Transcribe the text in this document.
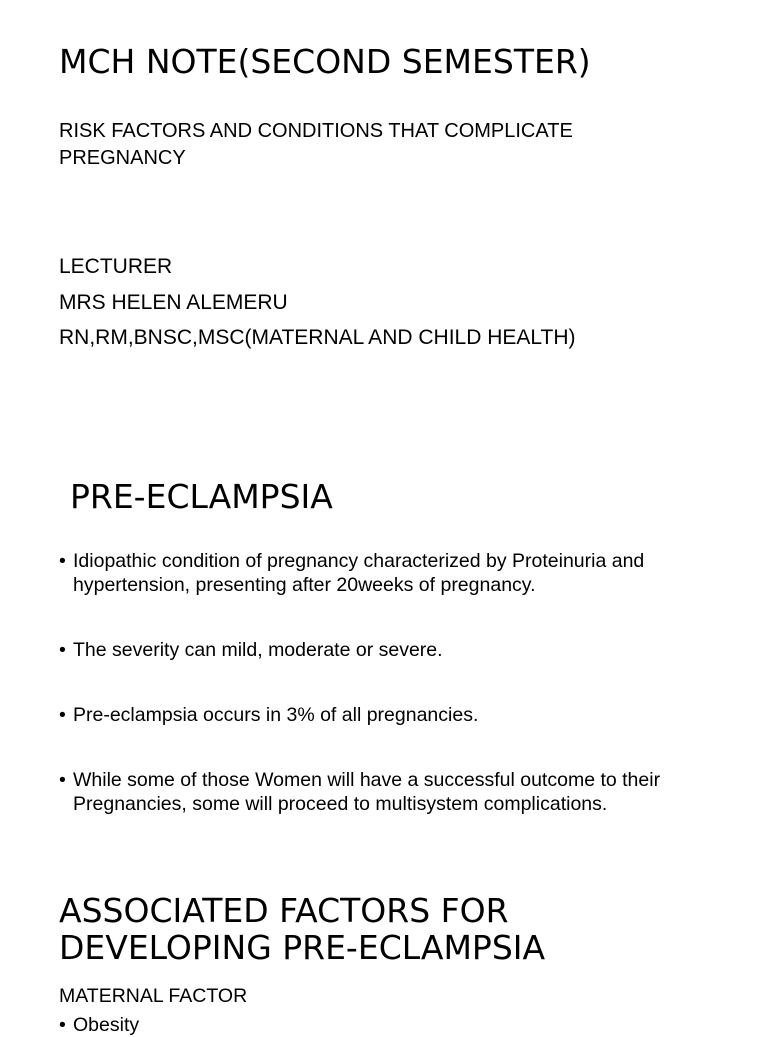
MCH NOTE(SECOND SEMESTER)

RISK FACTORS AND CONDITIONS THAT COMPLICATE PREGNANCY

LECTURER

MRS HELEN ALEMERU

RN,RM,BNSC,MSC(MATERNAL AND CHILD HEALTH)

PRE-ECLAMPSIA
• Idiopathic condition of pregnancy characterized by Proteinuria and hypertension, presenting after 20weeks of pregnancy.
• The severity can mild, moderate or severe.
• Pre-eclampsia occurs in 3% of all pregnancies.
• While some of those Women will have a successful outcome to their Pregnancies, some will proceed to multisystem complications.
ASSOCIATED FACTORS FOR DEVELOPING PRE-ECLAMPSIA

MATERNAL FACTOR

• Obesity
